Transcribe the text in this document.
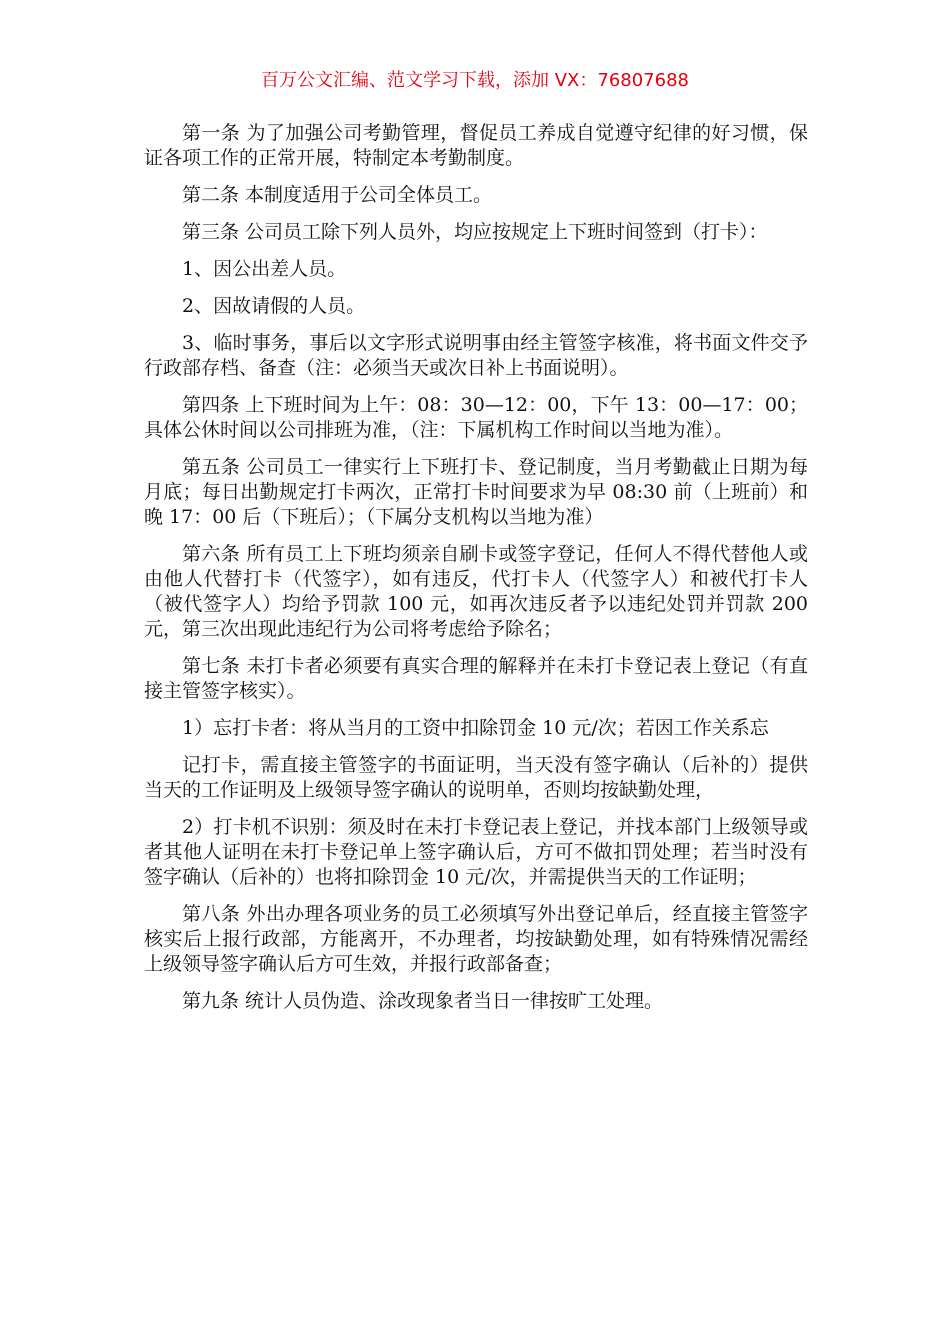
百万公文汇编、范文学习下载，添加 VX：76807688

第一条 为了加强公司考勤管理，督促员工养成自觉遵守纪律的好习惯，保证各项工作的正常开展，特制定本考勤制度。

第二条 本制度适用于公司全体员工。

第三条 公司员工除下列人员外，均应按规定上下班时间签到（打卡）：

1、因公出差人员。

2、因故请假的人员。

3、临时事务，事后以文字形式说明事由经主管签字核准，将书面文件交予行政部存档、备查（注：必须当天或次日补上书面说明）。

第四条 上下班时间为上午：08：30—12：00，下午 13：00—17：00；具体公休时间以公司排班为准，（注：下属机构工作时间以当地为准）。

第五条 公司员工一律实行上下班打卡、登记制度，当月考勤截止日期为每月底；每日出勤规定打卡两次，正常打卡时间要求为早 08:30 前（上班前）和晚 17：00 后（下班后）；（下属分支机构以当地为准）

第六条 所有员工上下班均须亲自刷卡或签字登记，任何人不得代替他人或由他人代替打卡（代签字），如有违反，代打卡人（代签字人）和被代打卡人 （被代签字人）均给予罚款 100 元，如再次违反者予以违纪处罚并罚款 200 元，第三次出现此违纪行为公司将考虑给予除名；

第七条 未打卡者必须要有真实合理的解释并在未打卡登记表上登记（有直接主管签字核实）。

1）忘打卡者：将从当月的工资中扣除罚金 10 元/次；若因工作关系忘

记打卡，需直接主管签字的书面证明，当天没有签字确认（后补的）提供当天的工作证明及上级领导签字确认的说明单，否则均按缺勤处理，

2）打卡机不识别：须及时在未打卡登记表上登记，并找本部门上级领导或者其他人证明在未打卡登记单上签字确认后，方可不做扣罚处理；若当时没有签字确认（后补的）也将扣除罚金 10 元/次，并需提供当天的工作证明；

第八条 外出办理各项业务的员工必须填写外出登记单后，经直接主管签字核实后上报行政部，方能离开，不办理者，均按缺勤处理，如有特殊情况需经上级领导签字确认后方可生效，并报行政部备查；

第九条 统计人员伪造、涂改现象者当日一律按旷工处理。
